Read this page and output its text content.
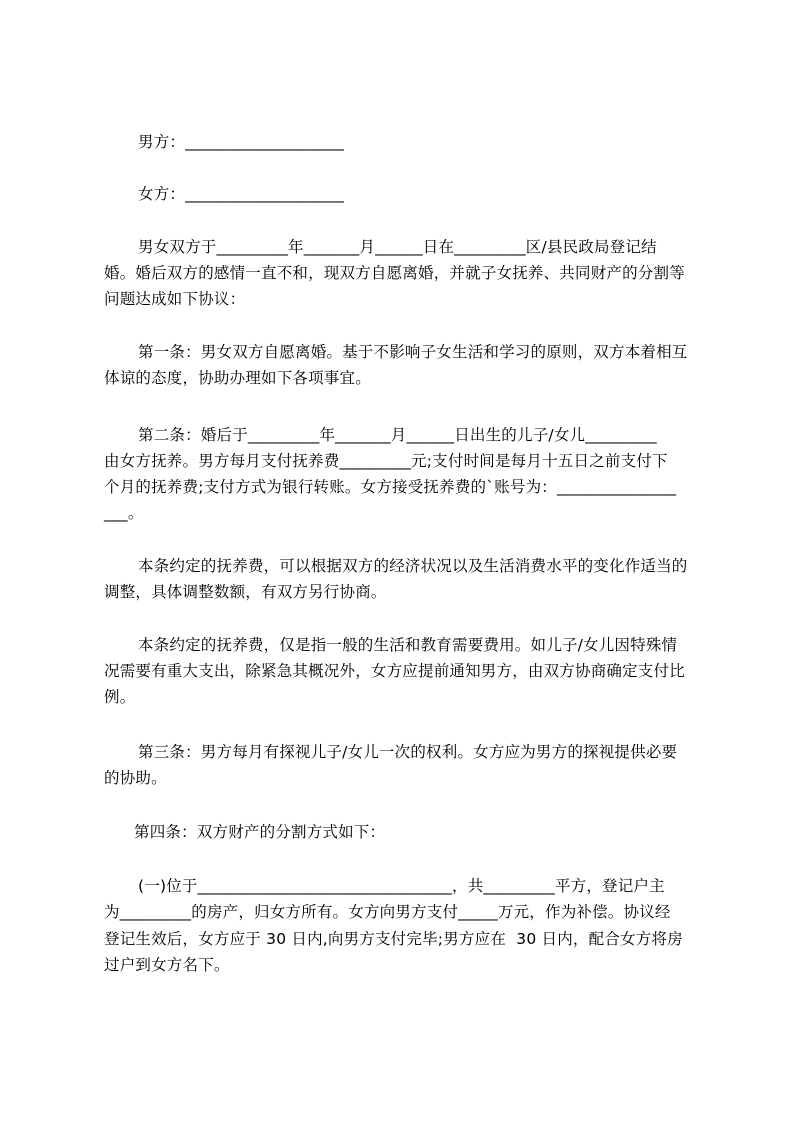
男方：____________________
女方：____________________
男女双方于_________年_______月______日在_________区/县民政局登记结
婚。婚后双方的感情一直不和，现双方自愿离婚，并就子女抚养、共同财产的分割等
问题达成如下协议：
第一条：男女双方自愿离婚。基于不影响子女生活和学习的原则，双方本着相互
体谅的态度，协助办理如下各项事宜。
第二条：婚后于_________年_______月______日出生的儿子/女儿_________
由女方抚养。男方每月支付抚养费_________元;支付时间是每月十五日之前支付下
个月的抚养费;支付方式为银行转账。女方接受抚养费的`账号为：_______________
___。
本条约定的抚养费，可以根据双方的经济状况以及生活消费水平的变化作适当的
调整，具体调整数额，有双方另行协商。
本条约定的抚养费，仅是指一般的生活和教育需要费用。如儿子/女儿因特殊情
况需要有重大支出，除紧急其概况外，女方应提前通知男方，由双方协商确定支付比
例。
第三条：男方每月有探视儿子/女儿一次的权利。女方应为男方的探视提供必要
的协助。
第四条：双方财产的分割方式如下：
(一)位于________________________________，共_________平方，登记户主
为_________的房产，归女方所有。女方向男方支付_____万元，作为补偿。协议经
登记生效后，女方应于 30 日内,向男方支付完毕;男方应在  30 日内，配合女方将房
过户到女方名下。
